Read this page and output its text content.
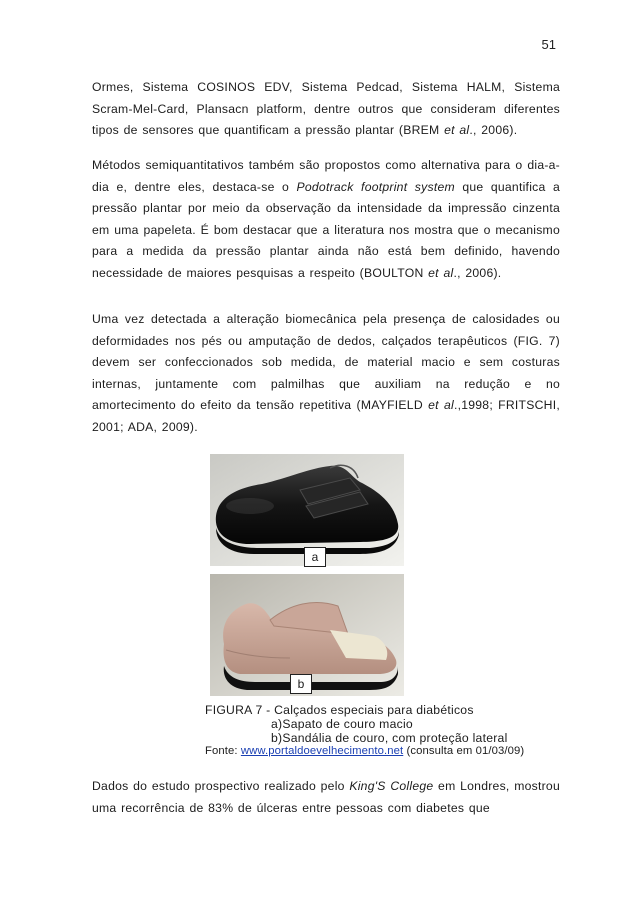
51

Ormes, Sistema COSINOS EDV, Sistema Pedcad, Sistema HALM, Sistema Scram-Mel-Card, Plansacn platform, dentre outros que consideram diferentes tipos de sensores que quantificam a pressão plantar (BREM et al., 2006).

Métodos semiquantitativos também são propostos como alternativa para o dia-a-dia e, dentre eles, destaca-se o Podotrack footprint system que quantifica a pressão plantar por meio da observação da intensidade da impressão cinzenta em uma papeleta. É bom destacar que a literatura nos mostra que o mecanismo para a medida da pressão plantar ainda não está bem definido, havendo necessidade de maiores pesquisas a respeito (BOULTON et al., 2006).

Uma vez detectada a alteração biomecânica pela presença de calosidades ou deformidades nos pés ou amputação de dedos, calçados terapêuticos (FIG. 7) devem ser confeccionados sob medida, de material macio e sem costuras internas, juntamente com palmilhas que auxiliam na redução e no amortecimento do efeito da tensão repetitiva (MAYFIELD et al.,1998; FRITSCHI, 2001; ADA, 2009).

a
b
FIGURA 7 - Calçados especiais para diabéticos
a)Sapato de couro macio
b)Sandália de couro, com proteção lateral
Fonte: www.portaldoevelhecimento.net (consulta em 01/03/09)

Dados do estudo prospectivo realizado pelo King'S College em Londres, mostrou uma recorrência de 83% de úlceras entre pessoas com diabetes que
